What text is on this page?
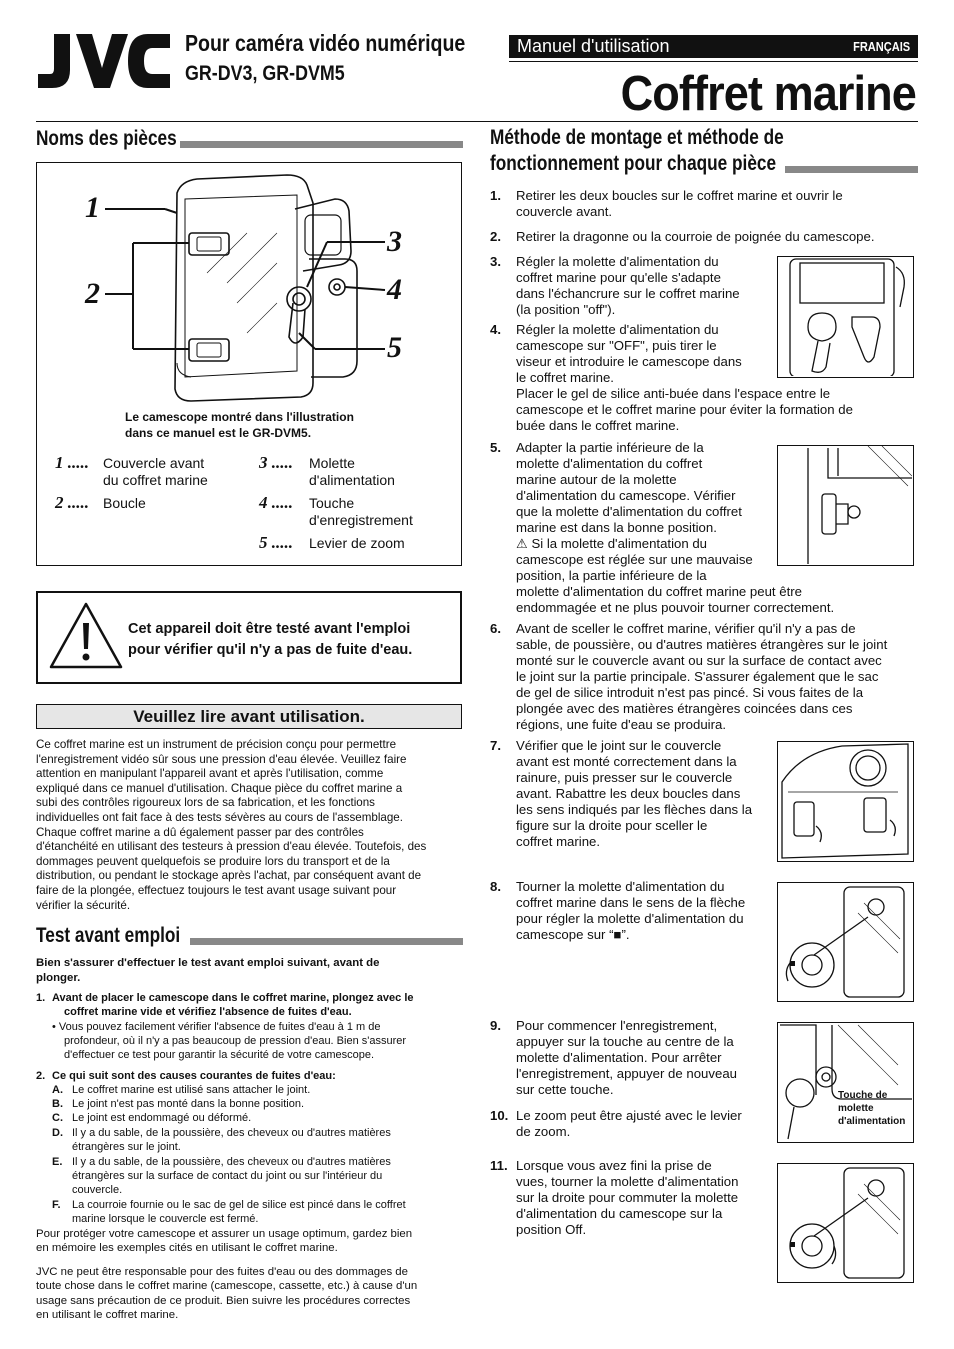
Pour caméra vidéo numérique
GR-DV3, GR-DVM5
Manuel d'utilisation	FRANÇAIS
Coffret marine
Noms des pièces
1
2
3
4
5
Le camescope montré dans l'illustration
dans ce manuel est le GR-DVM5.
1 ..... Couvercle avant
du coffret marine
2 ..... Boucle
3 ..... Molette
d'alimentation
4 ..... Touche
d'enregistrement
5 ..... Levier de zoom
Cet appareil doit être testé avant l'emploi
pour vérifier qu'il n'y a pas de fuite d'eau.
Veuillez lire avant utilisation.
Ce coffret marine est un instrument de précision conçu pour permettre
l'enregistrement vidéo sûr sous une pression d'eau élevée. Veuillez faire
attention en manipulant l'appareil avant et après l'utilisation, comme
expliqué dans ce manuel d'utilisation. Chaque pièce du coffret marine a
subi des contrôles rigoureux lors de sa fabrication, et les fonctions
individuelles ont fait face à des tests sévères au cours de l'assemblage.
Chaque coffret marine a dû également passer par des contrôles
d'étanchéité en utilisant des testeurs à pression d'eau élevée. Toutefois, des
dommages peuvent quelquefois se produire lors du transport et de la
distribution, ou pendant le stockage après l'achat, par conséquent avant de
faire de la plongée, effectuez toujours le test avant usage suivant pour
vérifier la sécurité.
Test avant emploi
Bien s'assurer d'effectuer le test avant emploi suivant, avant de
plonger.
1. Avant de placer le camescope dans le coffret marine, plongez avec le
coffret marine vide et vérifiez l'absence de fuites d'eau.
• Vous pouvez facilement vérifier l'absence de fuites d'eau à 1 m de
profondeur, où il n'y a pas beaucoup de pression d'eau. Bien s'assurer
d'effectuer ce test pour garantir la sécurité de votre camescope.
2. Ce qui suit sont des causes courantes de fuites d'eau:
A. Le coffret marine est utilisé sans attacher le joint.
B. Le joint n'est pas monté dans la bonne position.
C. Le joint est endommagé ou déformé.
D. Il y a du sable, de la poussière, des cheveux ou d'autres matières
étrangères sur le joint.
E. Il y a du sable, de la poussière, des cheveux ou d'autres matières
étrangères sur la surface de contact du joint ou sur l'intérieur du
couvercle.
F. La courroie fournie ou le sac de gel de silice est pincé dans le coffret
marine lorsque le couvercle est fermé.
Pour protéger votre camescope et assurer un usage optimum, gardez bien
en mémoire les exemples cités en utilisant le coffret marine.
JVC ne peut être responsable pour des fuites d'eau ou des dommages de
toute chose dans le coffret marine (camescope, cassette, etc.) à cause d'un
usage sans précaution de ce produit. Bien suivre les procédures correctes
en utilisant le coffret marine.
Méthode de montage et méthode de
fonctionnement pour chaque pièce
1. Retirer les deux boucles sur le coffret marine et ouvrir le
couvercle avant.
2. Retirer la dragonne ou la courroie de poignée du camescope.
3. Régler la molette d'alimentation du
coffret marine pour qu'elle s'adapte
dans l'échancrure sur le coffret marine
(la position "off").
4. Régler la molette d'alimentation du
camescope sur "OFF", puis tirer le
viseur et introduire le camescope dans
le coffret marine.
Placer le gel de silice anti-buée dans l'espace entre le
camescope et le coffret marine pour éviter la formation de
buée dans le coffret marine.
5. Adapter la partie inférieure de la
molette d'alimentation du coffret
marine autour de la molette
d'alimentation du camescope. Vérifier
que la molette d'alimentation du coffret
marine est dans la bonne position.
⚠ Si la molette d'alimentation du
camescope est réglée sur une mauvaise
position, la partie inférieure de la
molette d'alimentation du coffret marine peut être
endommagée et ne plus pouvoir tourner correctement.
6. Avant de sceller le coffret marine, vérifier qu'il n'y a pas de
sable, de poussière, ou d'autres matières étrangères sur le joint
monté sur le couvercle avant ou sur la surface de contact avec
le joint sur la partie principale. S'assurer également que le sac
de gel de silice introduit n'est pas pincé. Si vous faites de la
plongée avec des matières étrangères coincées dans ces
régions, une fuite d'eau se produira.
7. Vérifier que le joint sur le couvercle
avant est monté correctement dans la
rainure, puis presser sur le couvercle
avant. Rabattre les deux boucles dans
les sens indiqués par les flèches dans la
figure sur la droite pour sceller le
coffret marine.
8. Tourner la molette d'alimentation du
coffret marine dans le sens de la flèche
pour régler la molette d'alimentation du
camescope sur “■”.
9. Pour commencer l'enregistrement,
appuyer sur la touche au centre de la
molette d'alimentation. Pour arrêter
l'enregistrement, appuyer de nouveau
sur cette touche.
10. Le zoom peut être ajusté avec le levier
de zoom.
11. Lorsque vous avez fini la prise de
vues, tourner la molette d'alimentation
sur la droite pour commuter la molette
d'alimentation du camescope sur la
position Off.
Touche de
molette
d'alimentation
